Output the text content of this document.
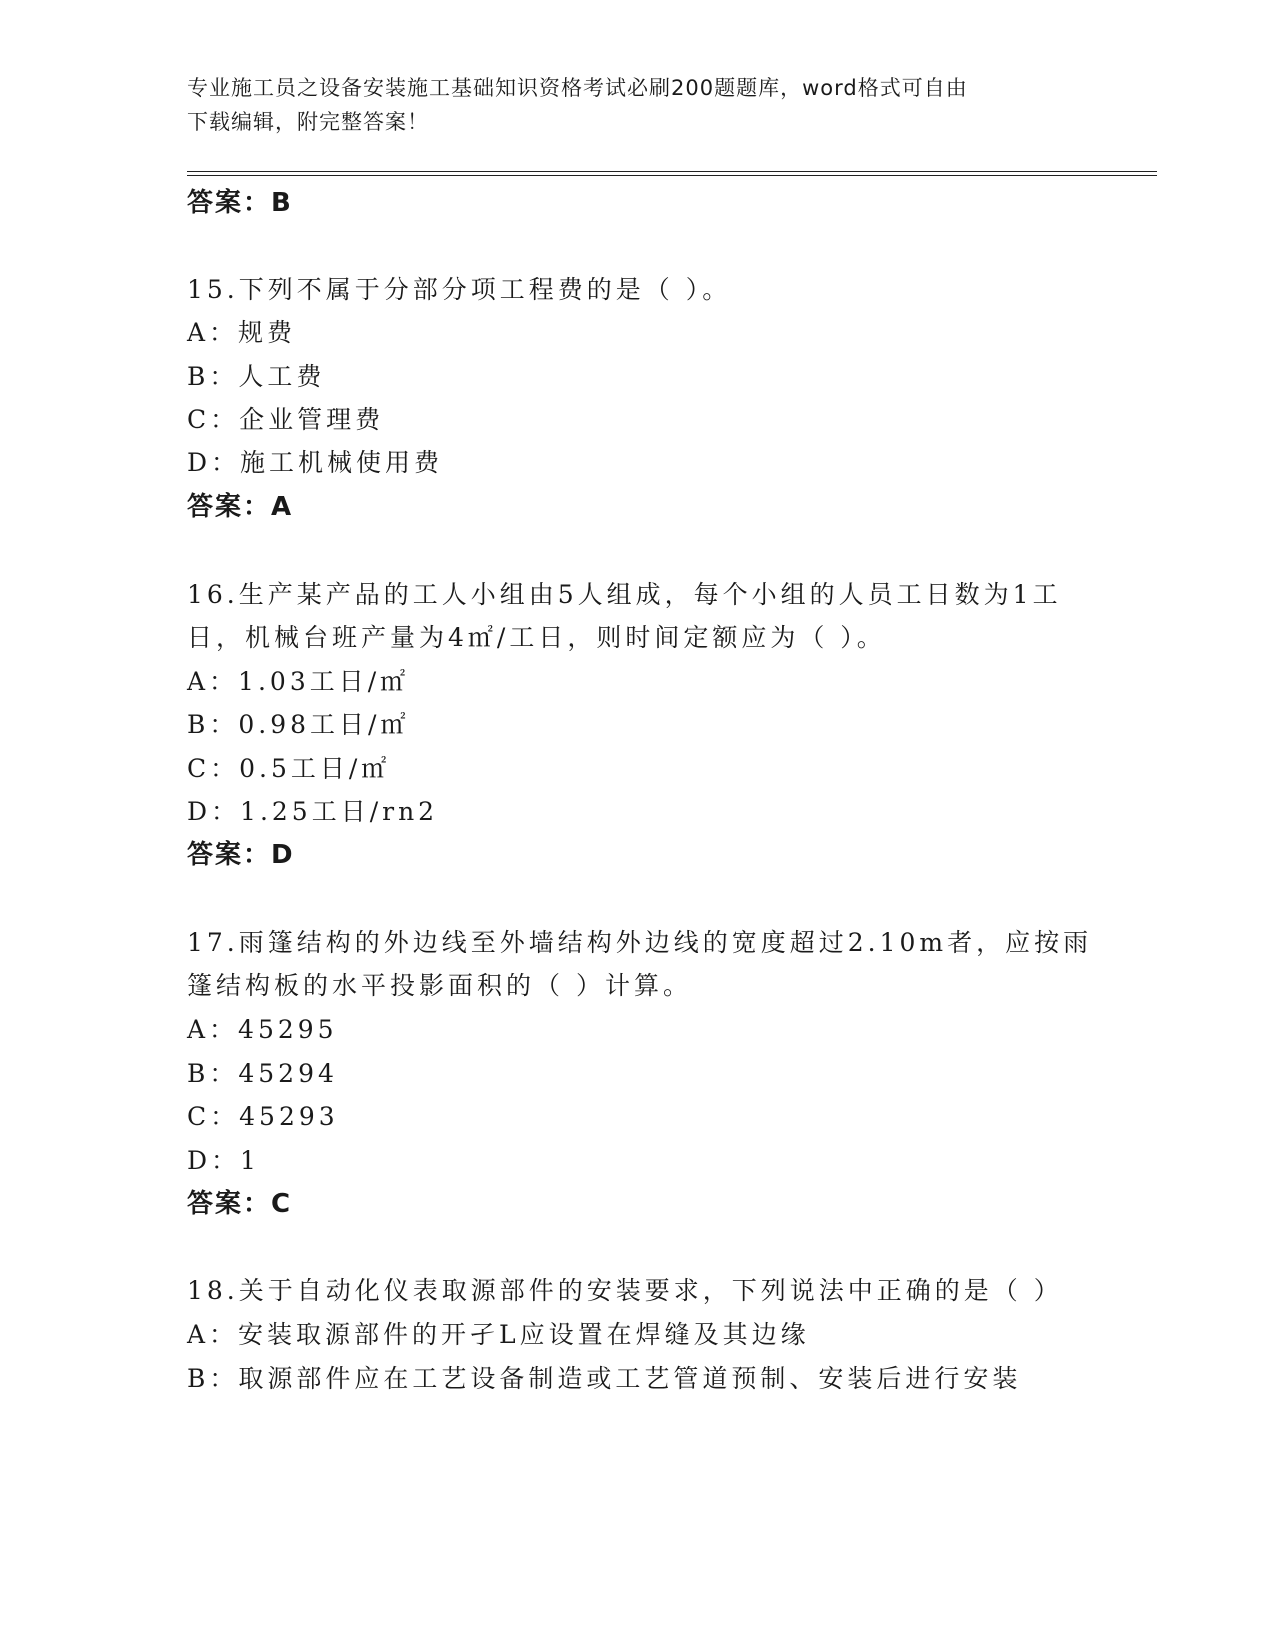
专业施工员之设备安装施工基础知识资格考试必刷200题题库，word格式可自由
下载编辑，附完整答案！
答案：B
15.下列不属于分部分项工程费的是（ ）。
A：规费
B：人工费
C：企业管理费
D：施工机械使用费
答案：A
16.生产某产品的工人小组由5人组成，每个小组的人员工日数为1工
日，机械台班产量为4㎡/工日，则时间定额应为（ ）。
A：1.03工日/㎡
B：0.98工日/㎡
C：0.5工日/㎡
D：1.25工日/rn2
答案：D
17.雨篷结构的外边线至外墙结构外边线的宽度超过2.10m者，应按雨
篷结构板的水平投影面积的（ ）计算。
A：45295
B：45294
C：45293
D：1
答案：C
18.关于自动化仪表取源部件的安装要求，下列说法中正确的是（ ）
A：安装取源部件的开孑L应设置在焊缝及其边缘
B：取源部件应在工艺设备制造或工艺管道预制、安装后进行安装
